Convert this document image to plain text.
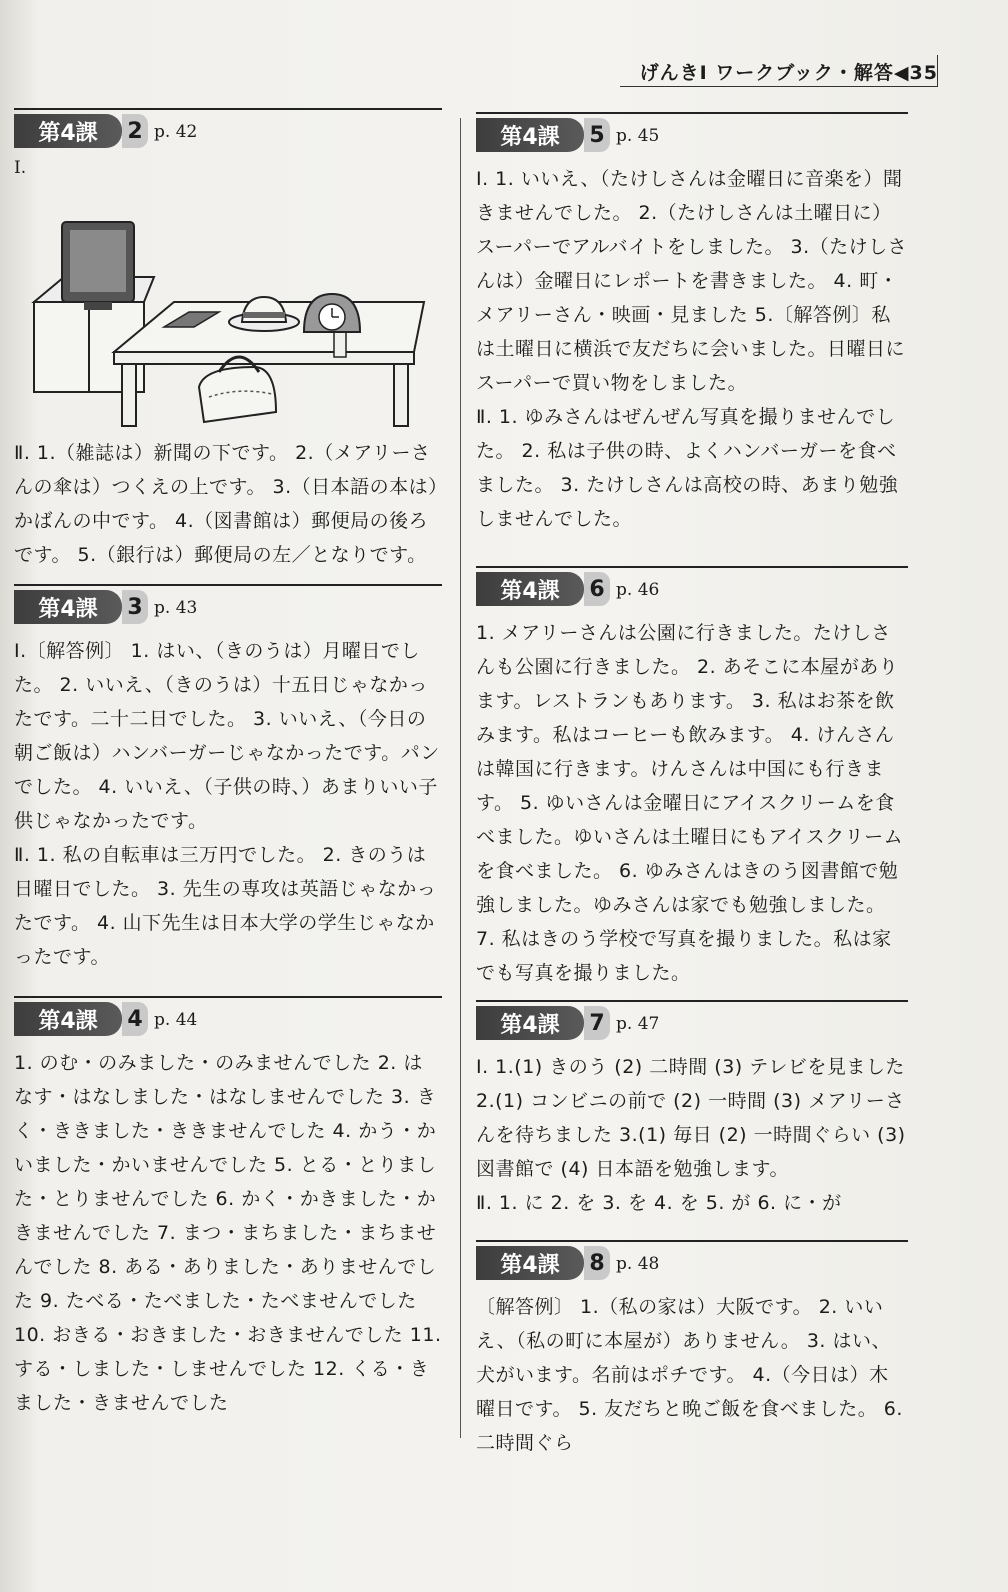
げんきⅠ ワークブック・解答◀35
第4課	2 p. 42
I.

Ⅱ. 1.（雑誌は）新聞の下です。 2.（メアリーさんの傘は）つくえの上です。 3.（日本語の本は）かばんの中です。 4.（図書館は）郵便局の後ろです。 5.（銀行は）郵便局の左／となりです。

第4課	3 p. 43

I.〔解答例〕 1. はい、（きのうは）月曜日でした。 2. いいえ、（きのうは）十五日じゃなかったです。二十二日でした。 3. いいえ、（今日の朝ご飯は）ハンバーガーじゃなかったです。パンでした。 4. いいえ、（子供の時、）あまりいい子供じゃなかったです。

Ⅱ. 1. 私の自転車は三万円でした。 2. きのうは日曜日でした。 3. 先生の専攻は英語じゃなかったです。 4. 山下先生は日本大学の学生じゃなかったです。

第4課	4 p. 44

1. のむ・のみました・のみませんでした 2. はなす・はなしました・はなしませんでした 3. きく・ききました・ききませんでした 4. かう・かいました・かいませんでした 5. とる・とりました・とりませんでした 6. かく・かきました・かきませんでした 7. まつ・まちました・まちませんでした 8. ある・ありました・ありませんでした 9. たべる・たべました・たべませんでした 10. おきる・おきました・おきませんでした 11. する・しました・しませんでした 12. くる・きました・きませんでした

第4課	5 p. 45

I. 1. いいえ、（たけしさんは金曜日に音楽を）聞きませんでした。 2.（たけしさんは土曜日に）スーパーでアルバイトをしました。 3.（たけしさんは）金曜日にレポートを書きました。 4. 町・メアリーさん・映画・見ました 5.〔解答例〕私は土曜日に横浜で友だちに会いました。日曜日にスーパーで買い物をしました。

Ⅱ. 1. ゆみさんはぜんぜん写真を撮りませんでした。 2. 私は子供の時、よくハンバーガーを食べました。 3. たけしさんは高校の時、あまり勉強しませんでした。

第4課	6 p. 46

1. メアリーさんは公園に行きました。たけしさんも公園に行きました。 2. あそこに本屋があります。レストランもあります。 3. 私はお茶を飲みます。私はコーヒーも飲みます。 4. けんさんは韓国に行きます。けんさんは中国にも行きます。 5. ゆいさんは金曜日にアイスクリームを食べました。ゆいさんは土曜日にもアイスクリームを食べました。 6. ゆみさんはきのう図書館で勉強しました。ゆみさんは家でも勉強しました。 7. 私はきのう学校で写真を撮りました。私は家でも写真を撮りました。

第4課	7 p. 47

I. 1.(1) きのう (2) 二時間 (3) テレビを見ました 2.(1) コンビニの前で (2) 一時間 (3) メアリーさんを待ちました 3.(1) 毎日 (2) 一時間ぐらい (3) 図書館で (4) 日本語を勉強します。

Ⅱ. 1. に 2. を 3. を 4. を 5. が 6. に・が

第4課	8 p. 48

〔解答例〕 1.（私の家は）大阪です。 2. いいえ、（私の町に本屋が）ありません。 3. はい、犬がいます。名前はポチです。 4.（今日は）木曜日です。 5. 友だちと晩ご飯を食べました。 6. 二時間ぐら
